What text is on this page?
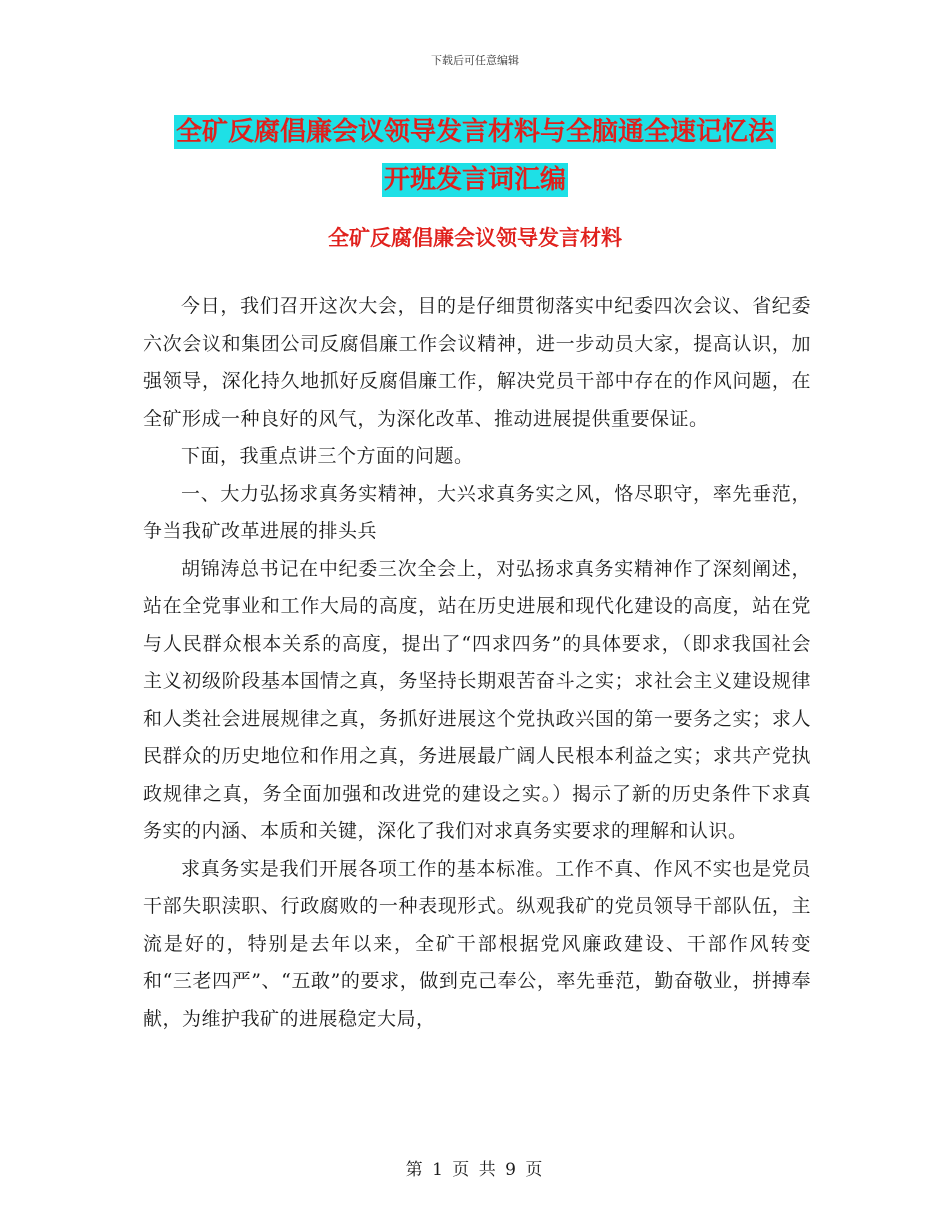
下载后可任意编辑
全矿反腐倡廉会议领导发言材料与全脑通全速记忆法
开班发言词汇编
全矿反腐倡廉会议领导发言材料

今日，我们召开这次大会，目的是仔细贯彻落实中纪委四次会议、省纪委六次会议和集团公司反腐倡廉工作会议精神，进一步动员大家，提高认识，加强领导，深化持久地抓好反腐倡廉工作，解决党员干部中存在的作风问题，在全矿形成一种良好的风气，为深化改革、推动进展提供重要保证。

下面，我重点讲三个方面的问题。

一、大力弘扬求真务实精神，大兴求真务实之风，恪尽职守，率先垂范，争当我矿改革进展的排头兵

胡锦涛总书记在中纪委三次全会上，对弘扬求真务实精神作了深刻阐述，站在全党事业和工作大局的高度，站在历史进展和现代化建设的高度，站在党与人民群众根本关系的高度，提出了“四求四务”的具体要求，（即求我国社会主义初级阶段基本国情之真，务坚持长期艰苦奋斗之实；求社会主义建设规律和人类社会进展规律之真，务抓好进展这个党执政兴国的第一要务之实；求人民群众的历史地位和作用之真，务进展最广阔人民根本利益之实；求共产党执政规律之真，务全面加强和改进党的建设之实。）揭示了新的历史条件下求真务实的内涵、本质和关键，深化了我们对求真务实要求的理解和认识。

求真务实是我们开展各项工作的基本标准。工作不真、作风不实也是党员干部失职渎职、行政腐败的一种表现形式。纵观我矿的党员领导干部队伍，主流是好的，特别是去年以来，全矿干部根据党风廉政建设、干部作风转变和“三老四严”、“五敢”的要求，做到克己奉公，率先垂范，勤奋敬业，拼搏奉献，为维护我矿的进展稳定大局，

第 1 页 共 9 页
